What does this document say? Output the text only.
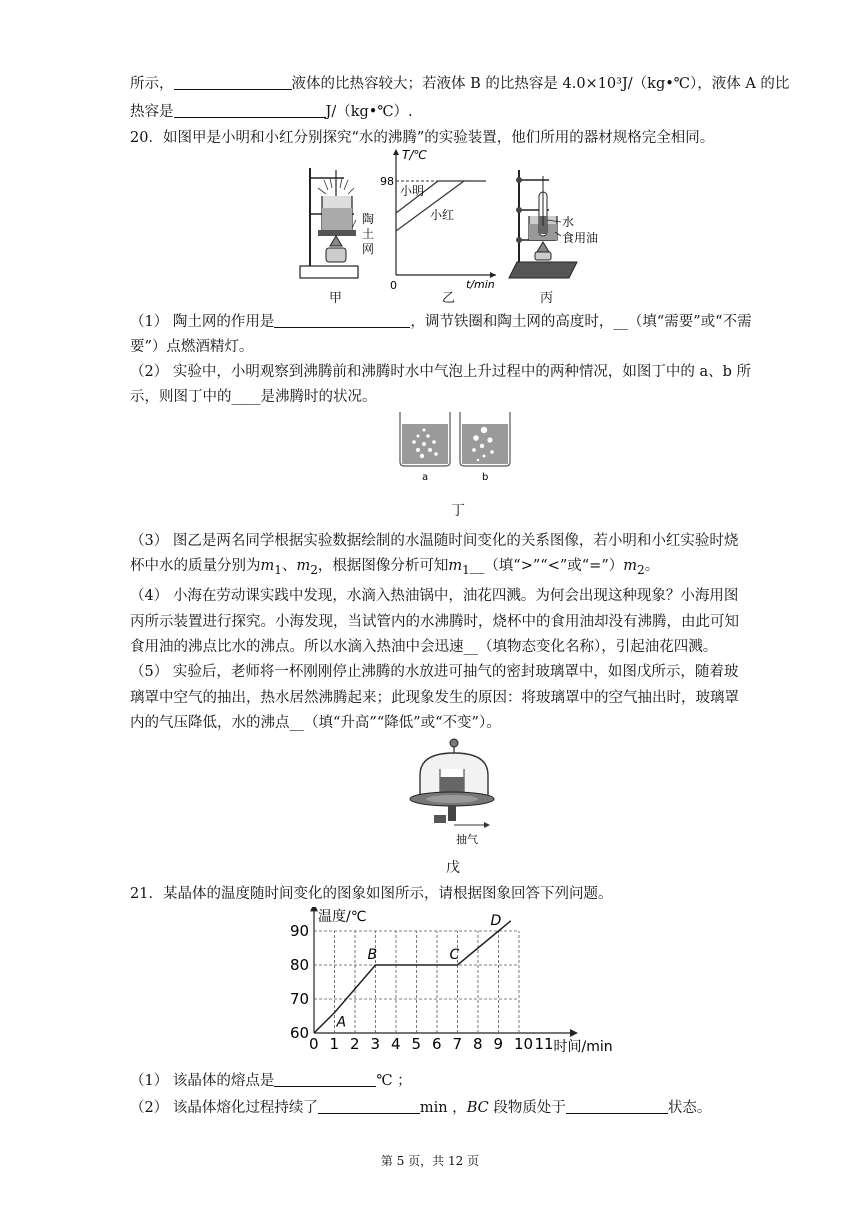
所示，	液体的比热容较大；若液体 B 的比热容是 4.0×10³J/（kg•℃），液体 A 的比
热容是	J/（kg•℃）.
20．如图甲是小明和小红分别探究“水的沸腾”的实验装置，他们所用的器材规格完全相同。
陶
土
网
甲
T/℃
98
小明
小红
0	t/min
乙
水
食用油
丙
（1） 陶土网的作用是	，调节铁圈和陶土网的高度时，__（填“需要”或“不需
要”）点燃酒精灯。
（2） 实验中，小明观察到沸腾前和沸腾时水中气泡上升过程中的两种情况，如图丁中的 a、b 所
示，则图丁中的____是沸腾时的状况。
a	b
丁
（3） 图乙是两名同学根据实验数据绘制的水温随时间变化的关系图像，若小明和小红实验时烧
杯中水的质量分别为$m_1$、$m_2$，根据图像分析可知$m_1\_\_$（填“>”“<”或“$=”)m_2$。
（4） 小海在劳动课实践中发现，水滴入热油锅中，油花四溅。为何会出现这种现象？小海用图
丙所示装置进行探究。小海发现，当试管内的水沸腾时，烧杯中的食用油却没有沸腾，由此可知
食用油的沸点比水的沸点。所以水滴入热油中会迅速__（填物态变化名称），引起油花四溅。
（5） 实验后，老师将一杯刚刚停止沸腾的水放进可抽气的密封玻璃罩中，如图戊所示，随着玻
璃罩中空气的抽出，热水居然沸腾起来；此现象发生的原因：将玻璃罩中的空气抽出时，玻璃罩
内的气压降低，水的沸点__（填“升高”“降低”或“不变”）。
抽气
戊
21．某晶体的温度随时间变化的图象如图所示，请根据图象回答下列问题。
60
70
80
90
0 1 2 3 4 5 6 7 8 9 10 11
A
B	C
D
温度/℃
时间/min
（1） 该晶体的熔点是	℃ ；
（2） 该晶体熔化过程持续了	min ，BC 段物质处于	状态。
第 5 页，共 12 页
